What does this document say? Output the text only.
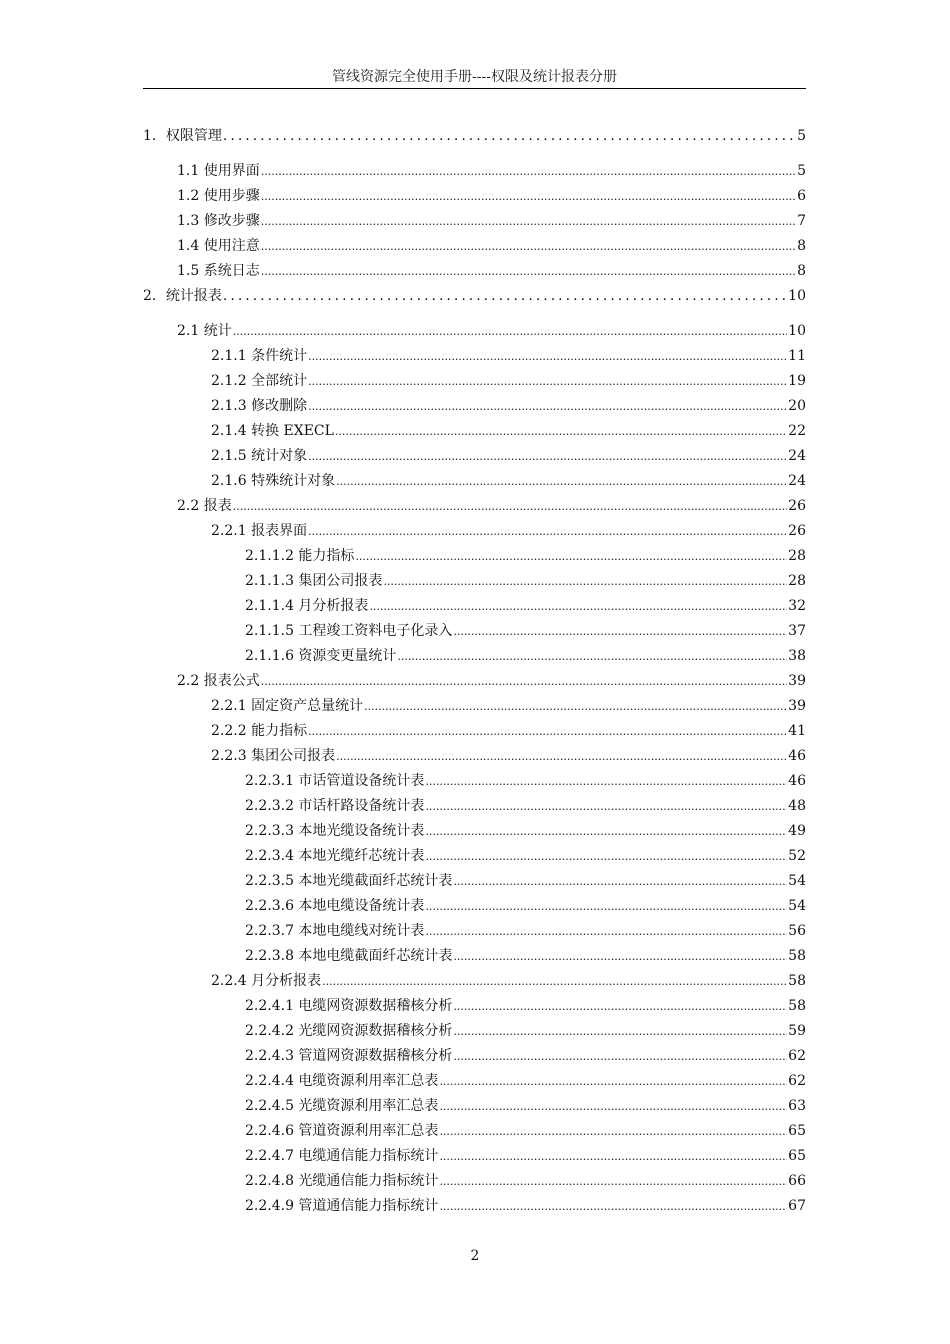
管线资源完全使用手册----权限及统计报表分册
1．权限管理 .....	5
1.1 使用界面 .....	5
1.2 使用步骤 .....	6
1.3 修改步骤 .....	7
1.4 使用注意 .....	8
1.5 系统日志 .....	8
2．统计报表 .....	10
2.1 统计 .....	10
2.1.1 条件统计 .....	11
2.1.2 全部统计 .....	19
2.1.3 修改删除 .....	20
2.1.4 转换 EXECL .....	22
2.1.5 统计对象 .....	24
2.1.6 特殊统计对象 .....	24
2.2 报表 .....	26
2.2.1 报表界面 .....	26
2.1.1.2 能力指标 .....	28
2.1.1.3 集团公司报表 .....	28
2.1.1.4 月分析报表 .....	32
2.1.1.5 工程竣工资料电子化录入 .....	37
2.1.1.6 资源变更量统计 .....	38
2.2 报表公式 .....	39
2.2.1 固定资产总量统计 .....	39
2.2.2 能力指标 .....	41
2.2.3 集团公司报表 .....	46
2.2.3.1 市话管道设备统计表 .....	46
2.2.3.2 市话杆路设备统计表 .....	48
2.2.3.3 本地光缆设备统计表 .....	49
2.2.3.4 本地光缆纤芯统计表 .....	52
2.2.3.5 本地光缆截面纤芯统计表 .....	54
2.2.3.6 本地电缆设备统计表 .....	54
2.2.3.7 本地电缆线对统计表 .....	56
2.2.3.8 本地电缆截面纤芯统计表 .....	58
2.2.4 月分析报表 .....	58
2.2.4.1 电缆网资源数据稽核分析 .....	58
2.2.4.2 光缆网资源数据稽核分析 .....	59
2.2.4.3 管道网资源数据稽核分析 .....	62
2.2.4.4 电缆资源利用率汇总表 .....	62
2.2.4.5 光缆资源利用率汇总表 .....	63
2.2.4.6 管道资源利用率汇总表 .....	65
2.2.4.7 电缆通信能力指标统计 .....	65
2.2.4.8 光缆通信能力指标统计 .....	66
2.2.4.9 管道通信能力指标统计 .....	67
2
